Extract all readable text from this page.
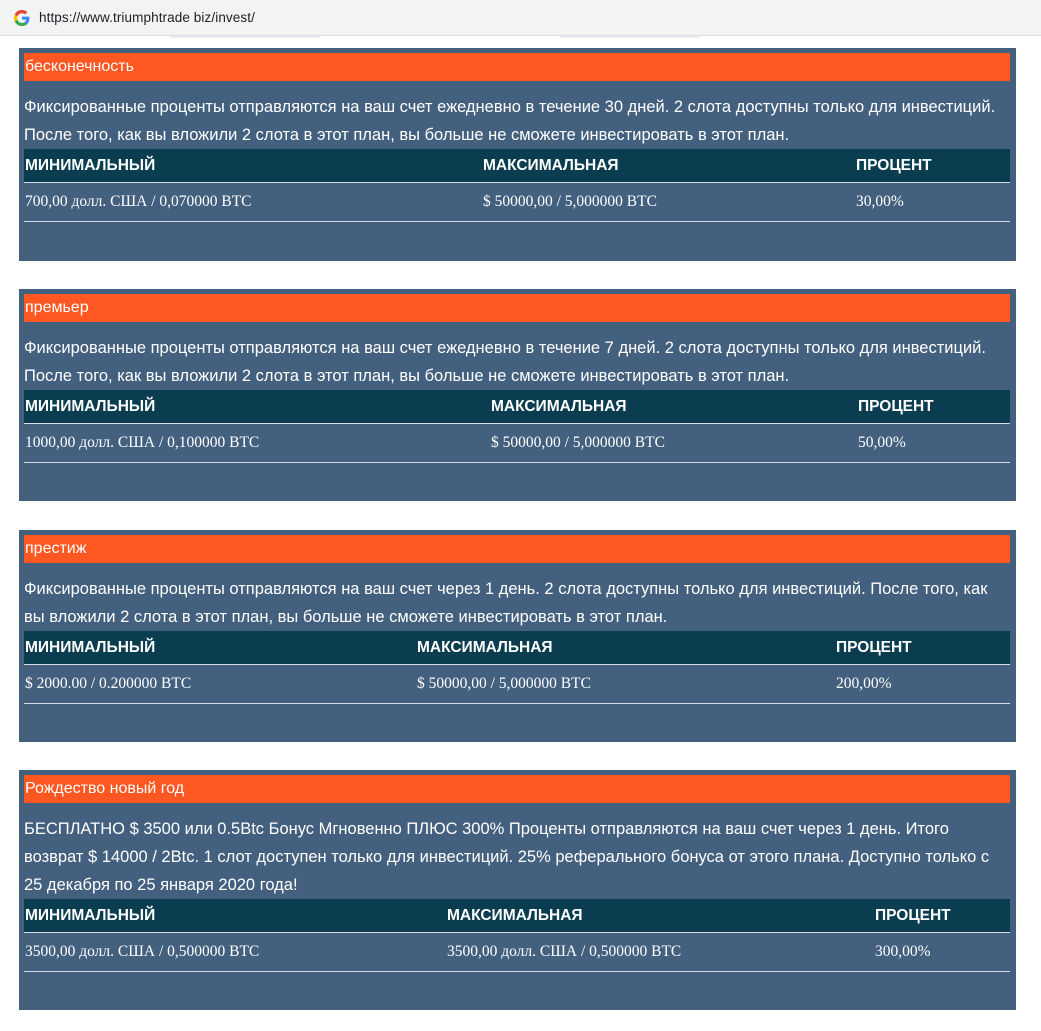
https://www.triumphtrade biz/invest/
бесконечность
Фиксированные проценты отправляются на ваш счет ежедневно в течение 30 дней. 2 слота доступны только для инвестиций. После того, как вы вложили 2 слота в этот план, вы больше не сможете инвестировать в этот план.
МИНИМАЛЬНЫЙ	МАКСИМАЛЬНАЯ	ПРОЦЕНТ
700,00 долл. США / 0,070000 BTC	$ 50000,00 / 5,000000 BTC	30,00%
премьер
Фиксированные проценты отправляются на ваш счет ежедневно в течение 7 дней. 2 слота доступны только для инвестиций. После того, как вы вложили 2 слота в этот план, вы больше не сможете инвестировать в этот план.
МИНИМАЛЬНЫЙ	МАКСИМАЛЬНАЯ	ПРОЦЕНТ
1000,00 долл. США / 0,100000 BTC	$ 50000,00 / 5,000000 BTC	50,00%
престиж
Фиксированные проценты отправляются на ваш счет через 1 день. 2 слота доступны только для инвестиций. После того, как вы вложили 2 слота в этот план, вы больше не сможете инвестировать в этот план.
МИНИМАЛЬНЫЙ	МАКСИМАЛЬНАЯ	ПРОЦЕНТ
$ 2000.00 / 0.200000 BTC	$ 50000,00 / 5,000000 BTC	200,00%
Рождество новый год
БЕСПЛАТНО $ 3500 или 0.5Btc Бонус Мгновенно ПЛЮС 300% Проценты отправляются на ваш счет через 1 день. Итого возврат $ 14000 / 2Btc. 1 слот доступен только для инвестиций. 25% реферального бонуса от этого плана. Доступно только с 25 декабря по 25 января 2020 года!
МИНИМАЛЬНЫЙ	МАКСИМАЛЬНАЯ	ПРОЦЕНТ
3500,00 долл. США / 0,500000 BTC	3500,00 долл. США / 0,500000 BTC	300,00%
